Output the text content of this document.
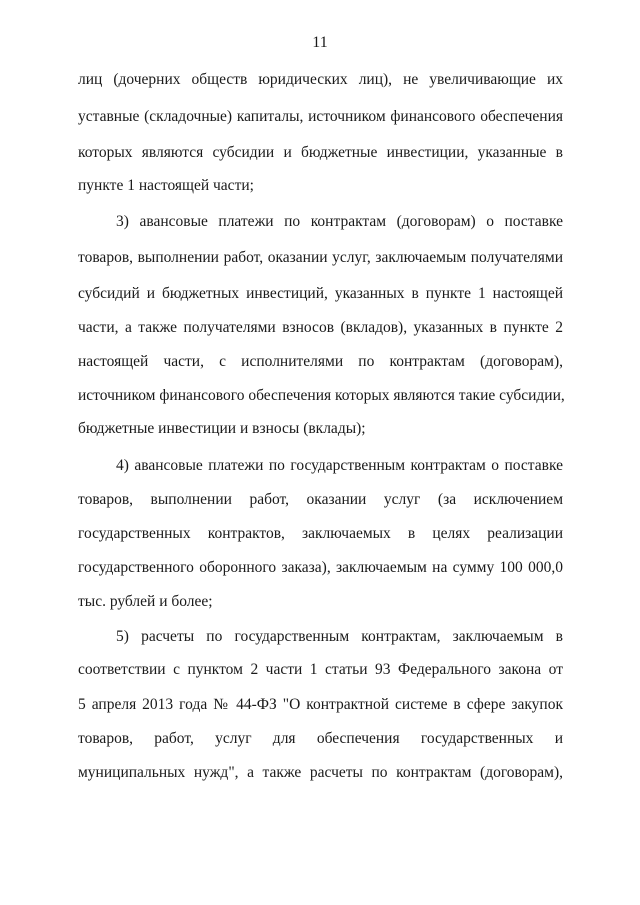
11
лиц (дочерних обществ юридических лиц), не увеличивающие их
уставные (складочные) капиталы, источником финансового обеспечения
которых являются субсидии и бюджетные инвестиции, указанные в
пункте 1 настоящей части;
3) авансовые платежи по контрактам (договорам) о поставке
товаров, выполнении работ, оказании услуг, заключаемым получателями
субсидий и бюджетных инвестиций, указанных в пункте 1 настоящей
части, а также получателями взносов (вкладов), указанных в пункте 2
настоящей части, с исполнителями по контрактам (договорам),
источником финансового обеспечения которых являются такие субсидии,
бюджетные инвестиции и взносы (вклады);
4) авансовые платежи по государственным контрактам о поставке
товаров, выполнении работ, оказании услуг (за исключением
государственных контрактов, заключаемых в целях реализации
государственного оборонного заказа), заключаемым на сумму 100 000,0
тыс. рублей и более;
5) расчеты по государственным контрактам, заключаемым в
соответствии с пунктом 2 части 1 статьи 93 Федерального закона от
5 апреля 2013 года № 44-ФЗ "О контрактной системе в сфере закупок
товаров, работ, услуг для обеспечения государственных и
муниципальных нужд", а также расчеты по контрактам (договорам),
